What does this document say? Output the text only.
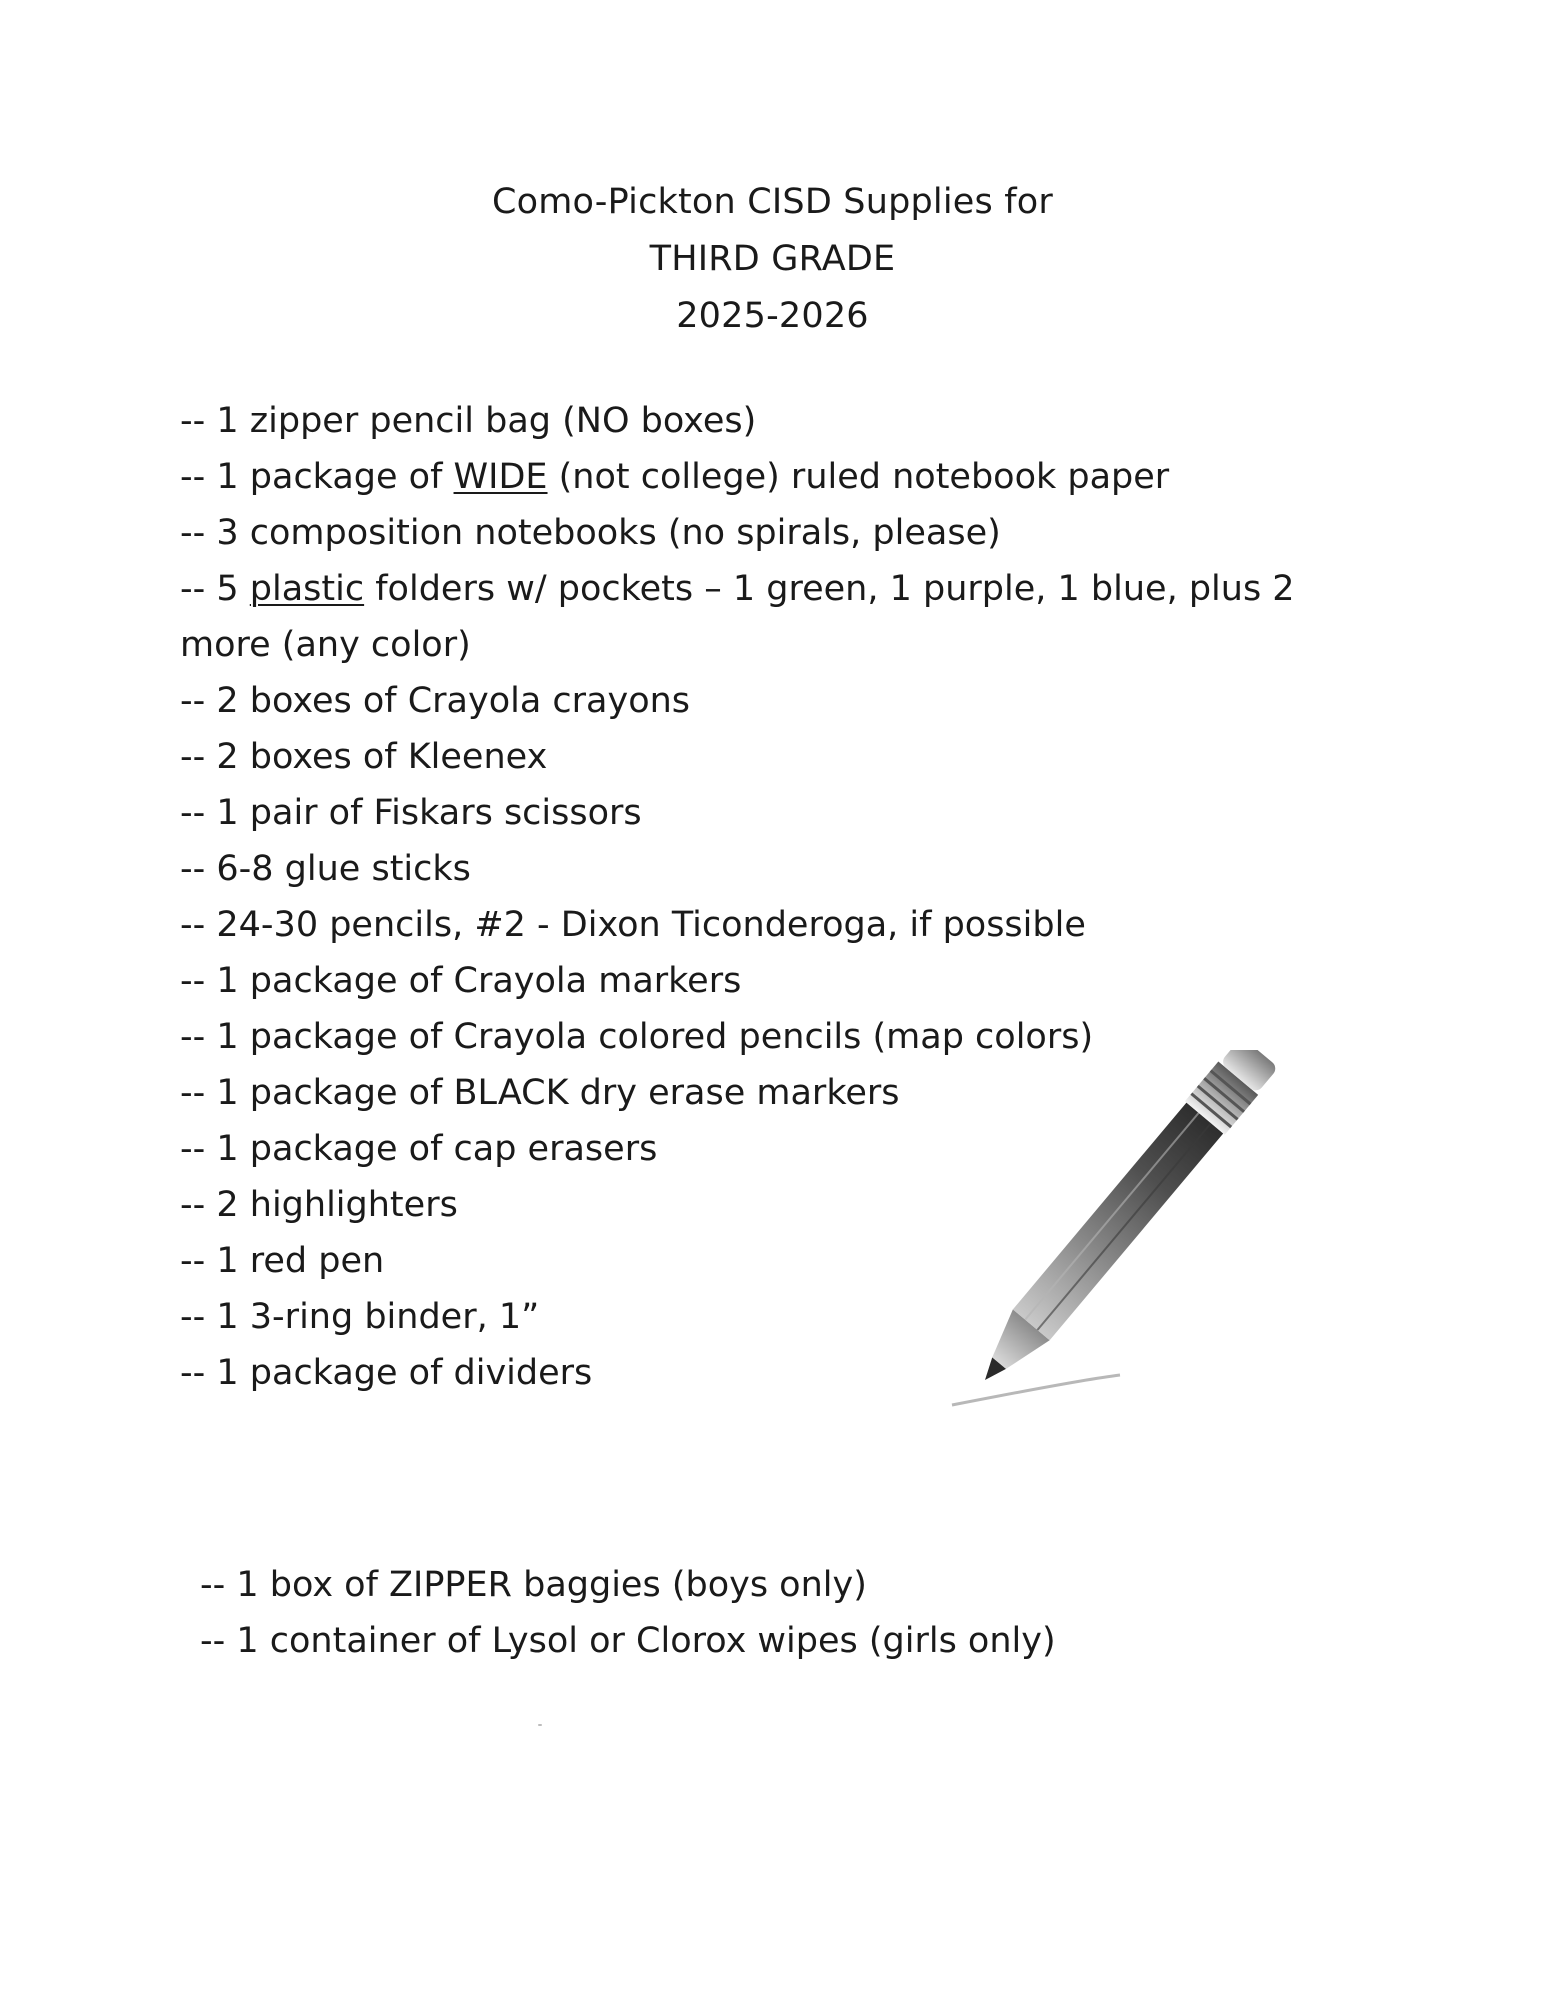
Como-Pickton CISD Supplies for
THIRD GRADE
2025-2026
-- 1 zipper pencil bag (NO boxes)
-- 1 package of WIDE (not college) ruled notebook paper
-- 3 composition notebooks (no spirals, please)
-- 5 plastic folders w/ pockets – 1 green, 1 purple, 1 blue, plus 2 more (any color)
-- 2 boxes of Crayola crayons
-- 2 boxes of Kleenex
-- 1 pair of Fiskars scissors
-- 6-8 glue sticks
-- 24-30 pencils, #2 - Dixon Ticonderoga, if possible
-- 1 package of Crayola markers
-- 1 package of Crayola colored pencils (map colors)
-- 1 package of BLACK dry erase markers
-- 1 package of cap erasers
-- 2 highlighters
-- 1 red pen
-- 1 3-ring binder, 1”
-- 1 package of dividers
-- 1 box of ZIPPER baggies (boys only)
-- 1 container of Lysol or Clorox wipes (girls only)
